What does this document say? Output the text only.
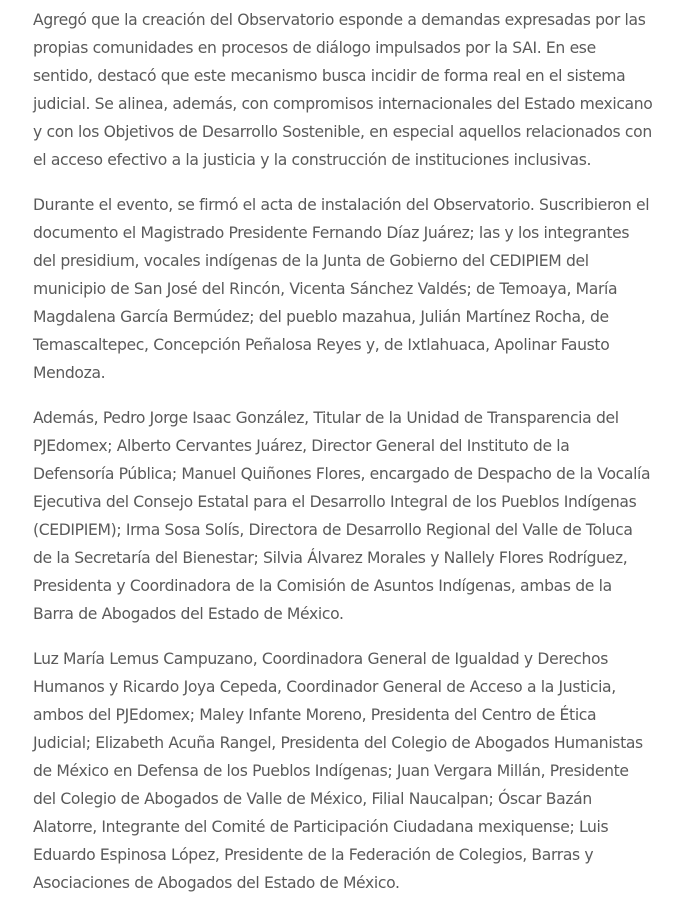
Agregó que la creación del Observatorio esponde a demandas expresadas por las propias comunidades en procesos de diálogo impulsados por la SAI. En ese sentido, destacó que este mecanismo busca incidir de forma real en el sistema judicial. Se alinea, además, con compromisos internacionales del Estado mexicano y con los Objetivos de Desarrollo Sostenible, en especial aquellos relacionados con el acceso efectivo a la justicia y la construcción de instituciones inclusivas.

Durante el evento, se firmó el acta de instalación del Observatorio. Suscribieron el documento el Magistrado Presidente Fernando Díaz Juárez; las y los integrantes del presidium, vocales indígenas de la Junta de Gobierno del CEDIPIEM del municipio de San José del Rincón, Vicenta Sánchez Valdés; de Temoaya, María Magdalena García Bermúdez; del pueblo mazahua, Julián Martínez Rocha, de Temascaltepec, Concepción Peñalosa Reyes y, de Ixtlahuaca, Apolinar Fausto Mendoza.

Además, Pedro Jorge Isaac González, Titular de la Unidad de Transparencia del PJEdomex; Alberto Cervantes Juárez, Director General del Instituto de la Defensoría Pública; Manuel Quiñones Flores, encargado de Despacho de la Vocalía Ejecutiva del Consejo Estatal para el Desarrollo Integral de los Pueblos Indígenas (CEDIPIEM); Irma Sosa Solís, Directora de Desarrollo Regional del Valle de Toluca de la Secretaría del Bienestar; Silvia Álvarez Morales y Nallely Flores Rodríguez, Presidenta y Coordinadora de la Comisión de Asuntos Indígenas, ambas de la Barra de Abogados del Estado de México.

Luz María Lemus Campuzano, Coordinadora General de Igualdad y Derechos Humanos y Ricardo Joya Cepeda, Coordinador General de Acceso a la Justicia, ambos del PJEdomex; Maley Infante Moreno, Presidenta del Centro de Ética Judicial; Elizabeth Acuña Rangel, Presidenta del Colegio de Abogados Humanistas de México en Defensa de los Pueblos Indígenas; Juan Vergara Millán, Presidente del Colegio de Abogados de Valle de México, Filial Naucalpan; Óscar Bazán Alatorre, Integrante del Comité de Participación Ciudadana mexiquense; Luis Eduardo Espinosa López, Presidente de la Federación de Colegios, Barras y Asociaciones de Abogados del Estado de México.
